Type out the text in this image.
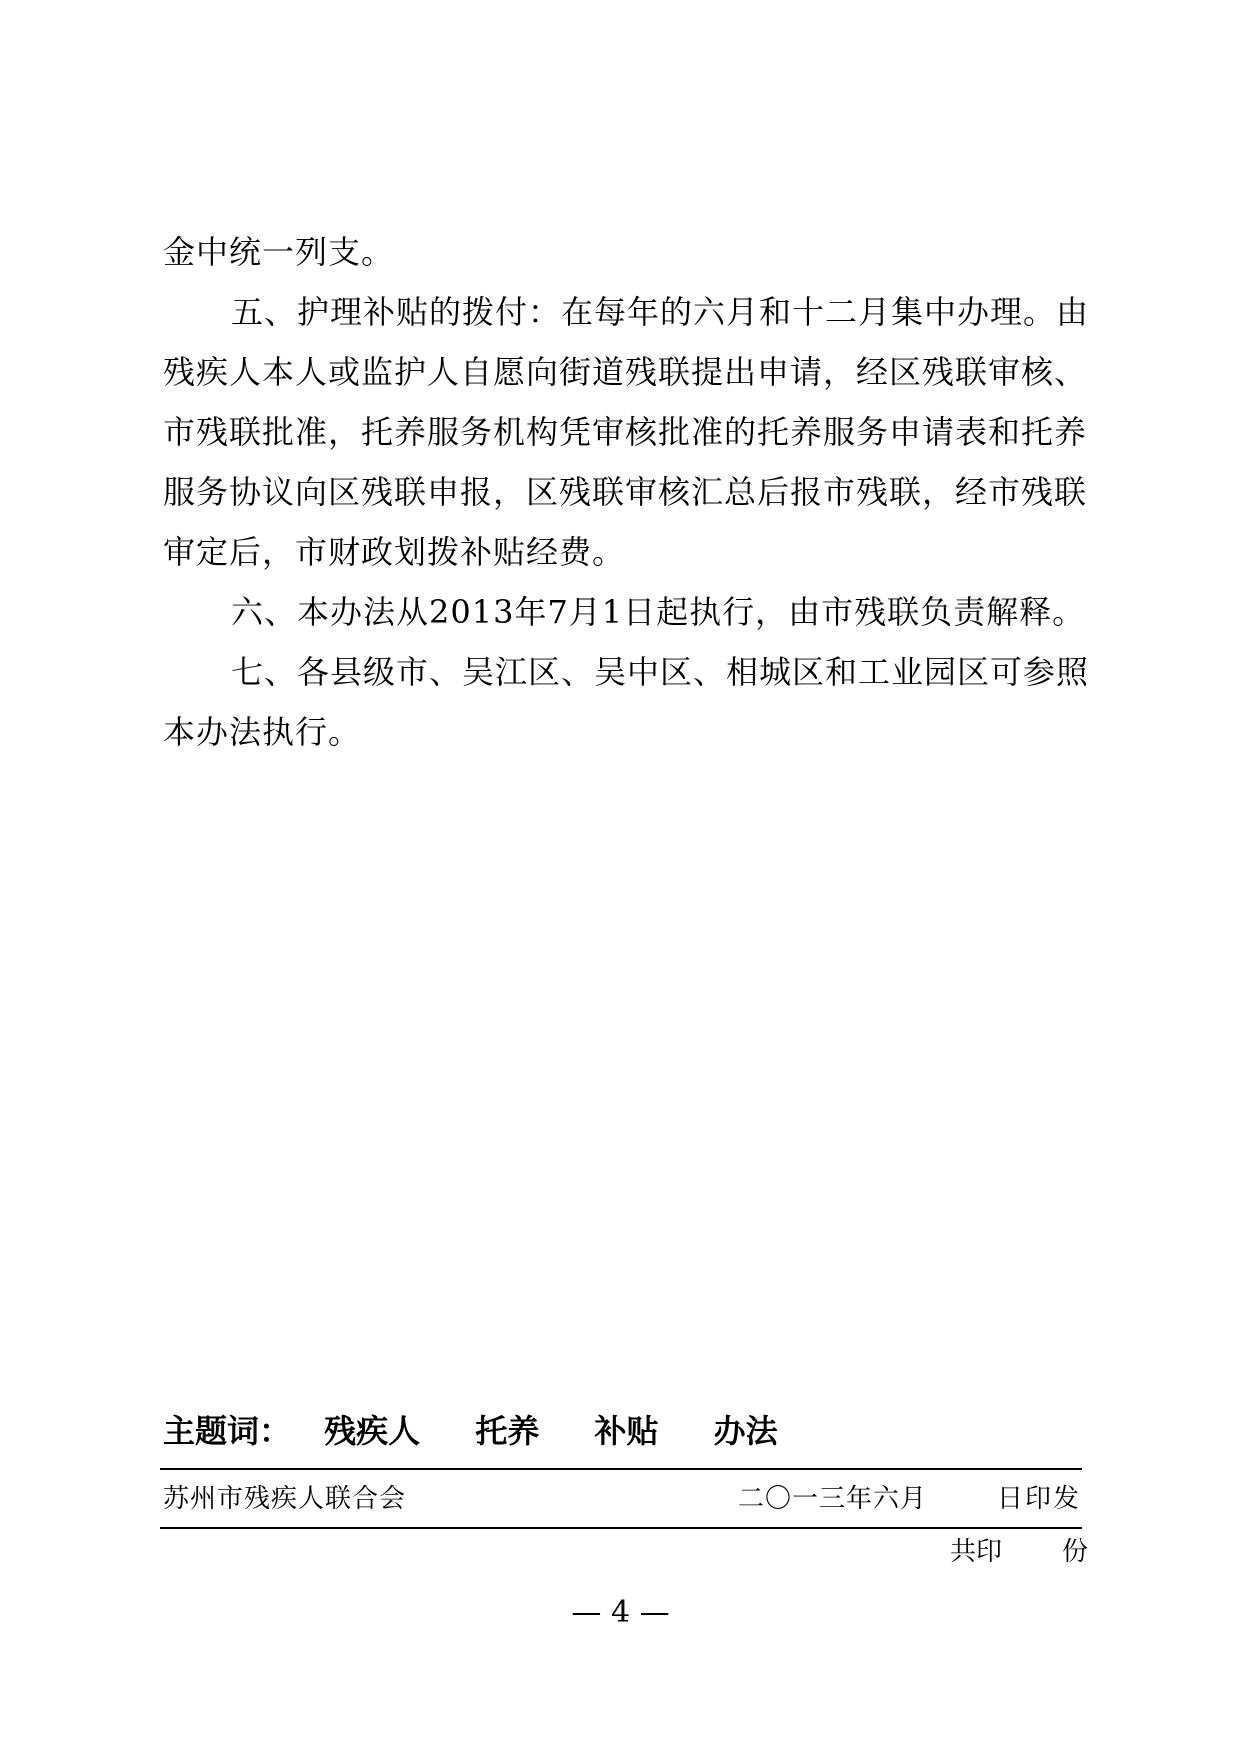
金中统一列支。
五、护理补贴的拨付：在每年的六月和十二月集中办理。由
残疾人本人或监护人自愿向街道残联提出申请，经区残联审核、
市残联批准，托养服务机构凭审核批准的托养服务申请表和托养
服务协议向区残联申报，区残联审核汇总后报市残联，经市残联
审定后，市财政划拨补贴经费。
六、本办法从2013年7月1日起执行，由市残联负责解释。
七、各县级市、吴江区、吴中区、相城区和工业园区可参照
本办法执行。
主题词： 残疾人 托养 补贴 办法
苏州市残疾人联合会	二〇一三年六月	日印发
共印 份
— 4 —
